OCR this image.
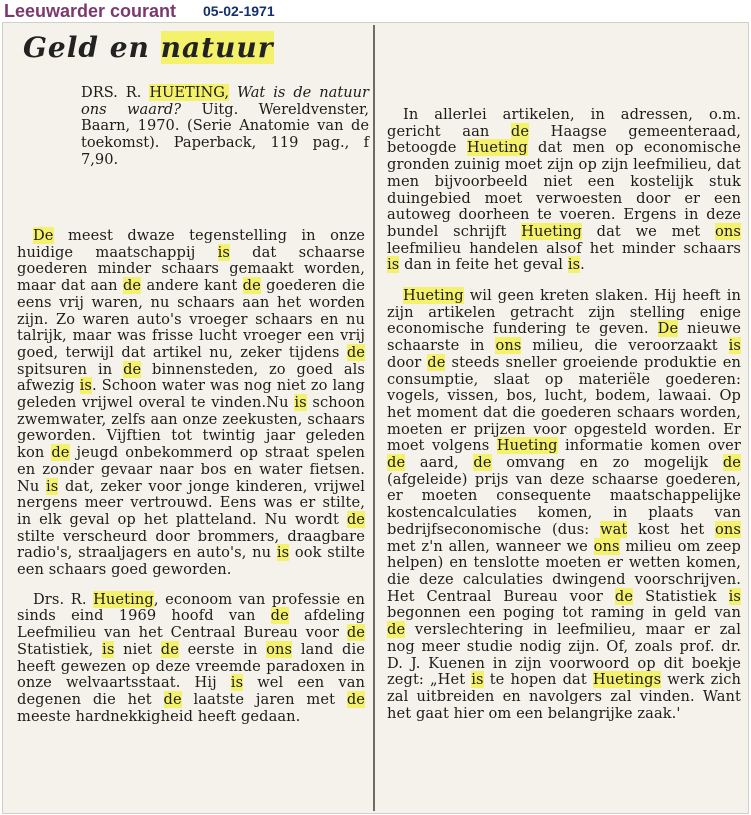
Leeuwarder courant 05-02-1971
Geld en natuur
DRS. R. HUETING, Wat is de natuur ons waard? Uitg. Wereldvenster, Baarn, 1970. (Serie Anatomie van de toekomst). Paperback, 119 pag., f 7,90.

De meest dwaze tegenstelling in onze huidige maatschappij is dat schaarse goederen minder schaars gemaakt worden, maar dat aan de andere kant de goederen die eens vrij waren, nu schaars aan het worden zijn. Zo waren auto's vroeger schaars en nu talrijk, maar was frisse lucht vroeger een vrij goed, terwijl dat artikel nu, zeker tijdens de spitsuren in de binnensteden, zo goed als afwezig is. Schoon water was nog niet zo lang geleden vrijwel overal te vinden.Nu is schoon zwemwater, zelfs aan onze zeekusten, schaars geworden. Vijftien tot twintig jaar geleden kon de jeugd onbekommerd op straat spelen en zonder gevaar naar bos en water fietsen. Nu is dat, zeker voor jonge kinderen, vrijwel nergens meer vertrouwd. Eens was er stilte, in elk geval op het platteland. Nu wordt de stilte verscheurd door brommers, draagbare radio's, straaljagers en auto's, nu is ook stilte een schaars goed geworden.

Drs. R. Hueting, econoom van professie en sinds eind 1969 hoofd van de afdeling Leefmilieu van het Centraal Bureau voor de Statistiek, is niet de eerste in ons land die heeft gewezen op deze vreemde paradoxen in onze welvaartsstaat. Hij is wel een van degenen die het de laatste jaren met de meeste hardnekkigheid heeft gedaan.

In allerlei artikelen, in adressen, o.m. gericht aan de Haagse gemeenteraad, betoogde Hueting dat men op economische gronden zuinig moet zijn op zijn leefmilieu, dat men bijvoorbeeld niet een kostelijk stuk duingebied moet verwoesten door er een autoweg doorheen te voeren. Ergens in deze bundel schrijft Hueting dat we met ons leefmilieu handelen alsof het minder schaars is dan in feite het geval is.

Hueting wil geen kreten slaken. Hij heeft in zijn artikelen getracht zijn stelling enige economische fundering te geven. De nieuwe schaarste in ons milieu, die veroorzaakt is door de steeds sneller groeiende produktie en consumptie, slaat op materiële goederen: vogels, vissen, bos, lucht, bodem, lawaai. Op het moment dat die goederen schaars worden, moeten er prijzen voor opgesteld worden. Er moet volgens Hueting informatie komen over de aard, de omvang en zo mogelijk de (afgeleide) prijs van deze schaarse goederen, er moeten consequente maatschappelijke kostencalculaties komen, in plaats van bedrijfseconomische (dus: wat kost het ons met z'n allen, wanneer we ons milieu om zeep helpen) en tenslotte moeten er wetten komen, die deze calculaties dwingend voorschrijven. Het Centraal Bureau voor de Statistiek is begonnen een poging tot raming in geld van de verslechtering in leefmilieu, maar er zal nog meer studie nodig zijn. Of, zoals prof. dr. D. J. Kuenen in zijn voorwoord op dit boekje zegt: „Het is te hopen dat Huetings werk zich zal uitbreiden en navolgers zal vinden. Want het gaat hier om een belangrijke zaak.'
